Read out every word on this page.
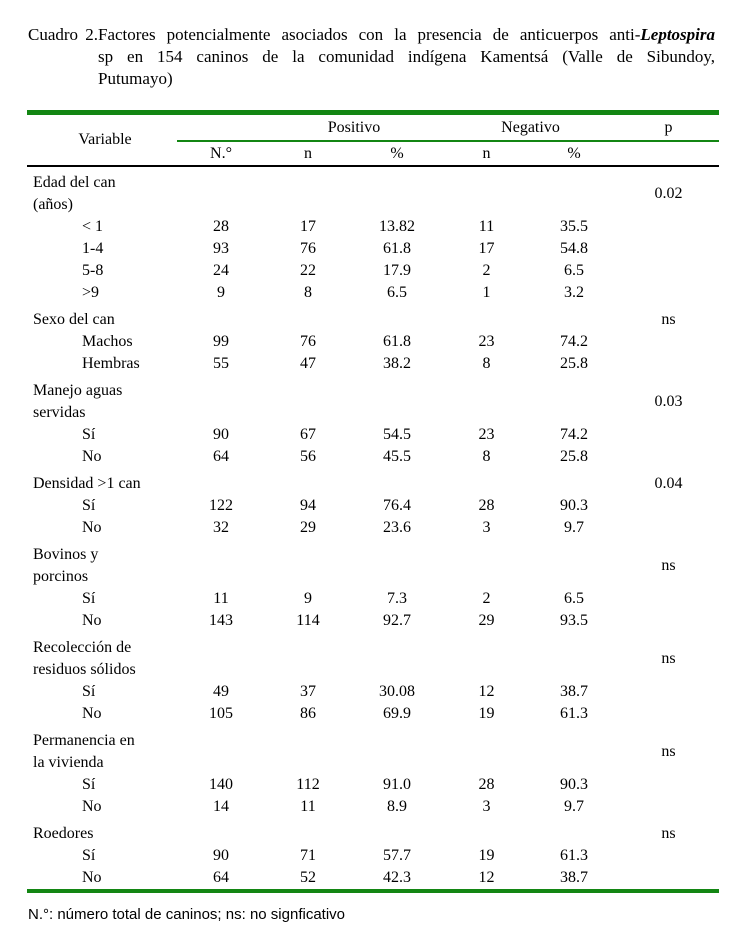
Cuadro 2.Factores potencialmente asociados con la presencia de anticuerpos anti-Leptospira
sp en 154 caninos de la comunidad indígena Kamentsá (Valle de Sibundoy,
Putumayo)
Variable		Positivo		Negativo		p
	N.°	n	%	n	%	

Edad del can
(años)						0.02
< 1	28	17	13.82	11	35.5	
1-4	93	76	61.8	17	54.8	
5-8	24	22	17.9	2	6.5	
>9	9	8	6.5	1	3.2	

Sexo del can						ns
Machos	99	76	61.8	23	74.2	
Hembras	55	47	38.2	8	25.8	

Manejo aguas
servidas						0.03
Sí	90	67	54.5	23	74.2	
No	64	56	45.5	8	25.8	

Densidad >1 can						0.04
Sí	122	94	76.4	28	90.3	
No	32	29	23.6	3	9.7	

Bovinos y
porcinos						ns
Sí	11	9	7.3	2	6.5	
No	143	114	92.7	29	93.5	

Recolección de
residuos sólidos						ns
Sí	49	37	30.08	12	38.7	
No	105	86	69.9	19	61.3	

Permanencia en
la vivienda						ns
Sí	140	112	91.0	28	90.3	
No	14	11	8.9	3	9.7	

Roedores						ns
Sí	90	71	57.7	19	61.3	
No	64	52	42.3	12	38.7	
N.°: número total de caninos; ns: no signficativo
